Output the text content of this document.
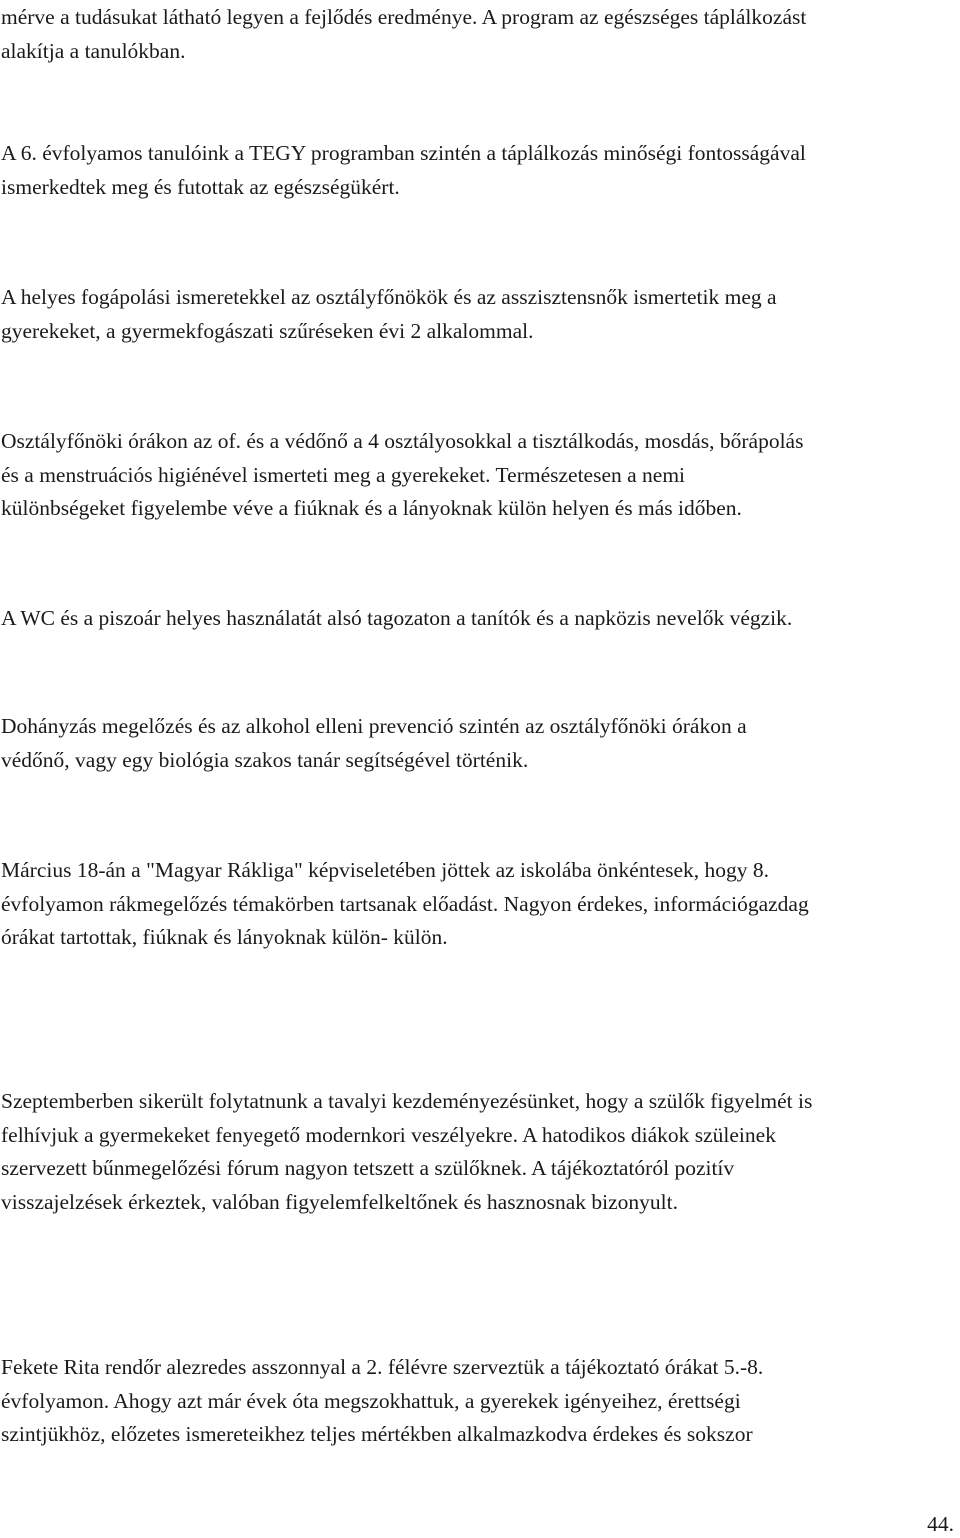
mérve a tudásukat látható legyen a fejlődés eredménye. A program az egészséges táplálkozást
alakítja a tanulókban.

A 6. évfolyamos tanulóink a TEGY programban szintén a táplálkozás minőségi fontosságával
ismerkedtek meg és futottak az egészségükért.

A helyes fogápolási ismeretekkel az osztályfőnökök és az asszisztensnők ismertetik meg a
gyerekeket, a gyermekfogászati szűréseken évi 2 alkalommal.

Osztályfőnöki órákon az of. és a védőnő a 4 osztályosokkal a tisztálkodás, mosdás, bőrápolás
és a menstruációs higiénével ismerteti meg a gyerekeket. Természetesen a nemi
különbségeket figyelembe véve a fiúknak és a lányoknak külön helyen és más időben.

A WC és a piszoár helyes használatát alsó tagozaton a tanítók és a napközis nevelők végzik.

Dohányzás megelőzés és az alkohol elleni prevenció szintén az osztályfőnöki órákon a
védőnő, vagy egy biológia szakos tanár segítségével történik.

Március 18-án a "Magyar Rákliga" képviseletében jöttek az iskolába önkéntesek, hogy 8.
évfolyamon rákmegelőzés témakörben tartsanak előadást. Nagyon érdekes, információgazdag
órákat tartottak, fiúknak és lányoknak külön- külön.

Szeptemberben sikerült folytatnunk a tavalyi kezdeményezésünket, hogy a szülők figyelmét is
felhívjuk a gyermekeket fenyegető modernkori veszélyekre. A hatodikos diákok szüleinek
szervezett bűnmegelőzési fórum nagyon tetszett a szülőknek. A tájékoztatóról pozitív
visszajelzések érkeztek, valóban figyelemfelkeltőnek és hasznosnak bizonyult.

Fekete Rita rendőr alezredes asszonnyal a 2. félévre szerveztük a tájékoztató órákat 5.-8.
évfolyamon. Ahogy azt már évek óta megszokhattuk, a gyerekek igényeihez, érettségi
szintjükhöz, előzetes ismereteikhez teljes mértékben alkalmazkodva érdekes és sokszor

44.
